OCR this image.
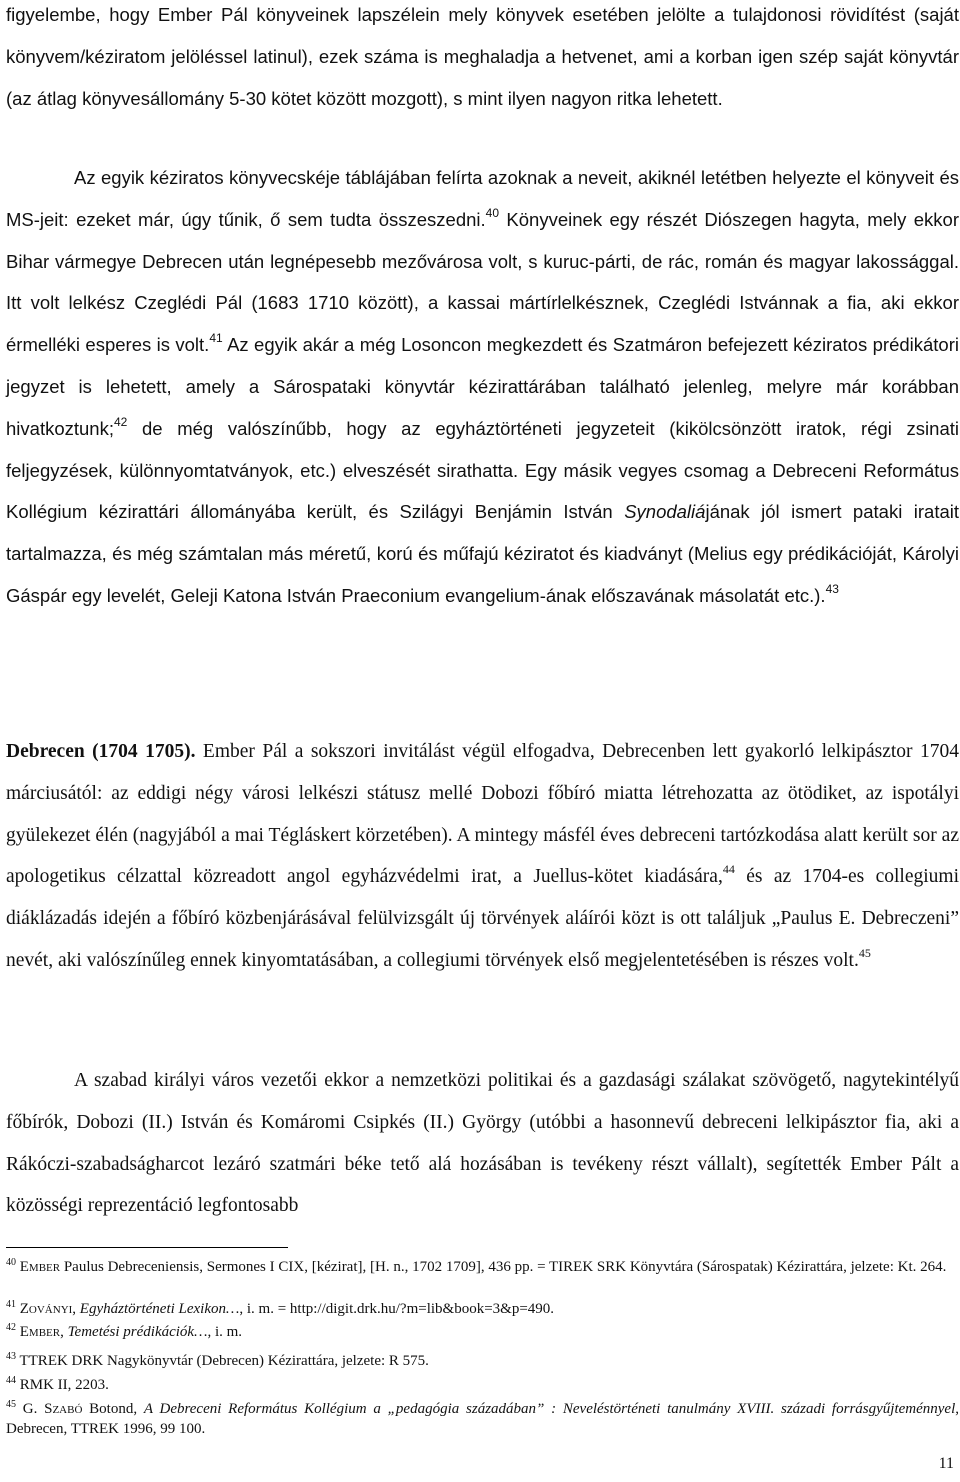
figyelembe, hogy Ember Pál könyveinek lapszélein mely könyvek esetében jelölte a tulajdonosi rövidítést (saját könyvem/kéziratom jelöléssel latinul), ezek száma is meghaladja a hetvenet, ami a korban igen szép saját könyvtár (az átlag könyvesállomány 5-30 kötet között mozgott), s mint ilyen nagyon ritka lehetett.

Az egyik kéziratos könyvecskéje táblájában felírta azoknak a neveit, akiknél letétben helyezte el könyveit és MS-jeit: ezeket már, úgy tűnik, ő sem tudta összeszedni.$^{40}$ Könyveinek egy részét Diószegen hagyta, mely ekkor Bihar vármegye Debrecen után legnépesebb mezővárosa volt, s kuruc-párti, de rác, román és magyar lakossággal. Itt volt lelkész Czeglédi Pál (1683 1710 között), a kassai mártírlelkésznek, Czeglédi Istvánnak a fia, aki ekkor érmelléki esperes is volt.$^{41}$ Az egyik akár a még Losoncon megkezdett és Szatmáron befejezett kéziratos prédikátori jegyzet is lehetett, amely a Sárospataki könyvtár kézirattárában található jelenleg, melyre már korábban hivatkoztunk;$^{42}$ de még valószínűbb, hogy az egyháztörténeti jegyzeteit (kikölcsönzött iratok, régi zsinati feljegyzések, különnyomtatványok, etc.) elveszését sirathatta. Egy másik vegyes csomag a Debreceni Református Kollégium kézirattári állományába került, és Szilágyi Benjámin István Synodaliájának jól ismert pataki iratait tartalmazza, és még számtalan más méretű, korú és műfajú kéziratot és kiadványt (Melius egy prédikációját, Károlyi Gáspár egy levelét, Geleji Katona István Praeconium evangelium-ának előszavának másolatát etc.).$^{43}$

Debrecen (1704 1705). Ember Pál a sokszori invitálást végül elfogadva, Debrecenben lett gyakorló lelkipásztor 1704 márciusától: az eddigi négy városi lelkészi státusz mellé Dobozi főbíró miatta létrehozatta az ötödiket, az ispotályi gyülekezet élén (nagyjából a mai Tégláskert körzetében). A mintegy másfél éves debreceni tartózkodása alatt került sor az apologetikus célzattal közreadott angol egyházvédelmi irat, a Juellus-kötet kiadására,$^{44}$ és az 1704-es collegiumi diáklázadás idején a főbíró közbenjárásával felülvizsgált új törvények aláírói közt is ott találjuk „Paulus E. Debreczeni” nevét, aki valószínűleg ennek kinyomtatásában, a collegiumi törvények első megjelentetésében is részes volt.$^{45}$

A szabad királyi város vezetői ekkor a nemzetközi politikai és a gazdasági szálakat szövögető, nagytekintélyű főbírók, Dobozi (II.) István és Komáromi Csipkés (II.) György (utóbbi a hasonnevű debreceni lelkipásztor fia, aki a Rákóczi-szabadságharcot lezáró szatmári béke tető alá hozásában is tevékeny részt vállalt), segítették Ember Pált a közösségi reprezentáció legfontosabb

$^{40}$ Ember Paulus Debreceniensis, Sermones I CIX, [kézirat], [H. n., 1702 1709], 436 pp. = TIREK SRK Könyvtára (Sárospatak) Kézirattára, jelzete: Kt. 264.

$^{41}$ Zoványi, Egyháztörténeti Lexikon…, i. m. = http://digit.drk.hu/?m=lib&book=3&p=490.

$^{42}$ Ember, Temetési prédikációk…, i. m.

$^{43}$ TTREK DRK Nagykönyvtár (Debrecen) Kézirattára, jelzete: R 575.

$^{44}$ RMK II, 2203.

$^{45}$ G. Szabó Botond, A Debreceni Református Kollégium a „pedagógia századában” : Neveléstörténeti tanulmány XVIII. századi forrásgyűjteménnyel, Debrecen, TTREK 1996, 99 100.

11
